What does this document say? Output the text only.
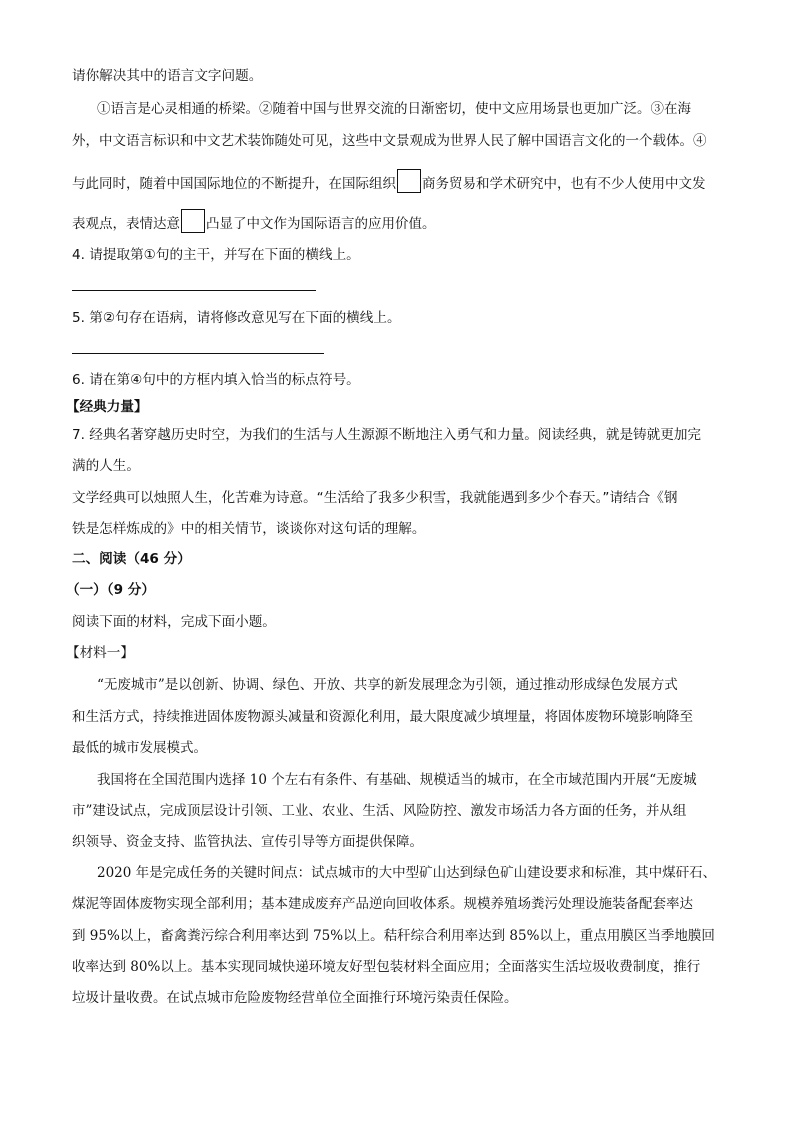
请你解决其中的语言文字问题。
①语言是心灵相通的桥梁。②随着中国与世界交流的日渐密切，使中文应用场景也更加广泛。③在海
外，中文语言标识和中文艺术装饰随处可见，这些中文景观成为世界人民了解中国语言文化的一个载体。④
与此同时，随着中国国际地位的不断提升，在国际组织 商务贸易和学术研究中，也有不少人使用中文发
表观点，表情达意 凸显了中文作为国际语言的应用价值。
4. 请提取第①句的主干，并写在下面的横线上。
5. 第②句存在语病，请将修改意见写在下面的横线上。
6. 请在第④句中的方框内填入恰当的标点符号。
【经典力量】
7. 经典名著穿越历史时空，为我们的生活与人生源源不断地注入勇气和力量。阅读经典，就是铸就更加完
满的人生。
文学经典可以烛照人生，化苦难为诗意。“生活给了我多少积雪，我就能遇到多少个春天。”请结合《钢
铁是怎样炼成的》中的相关情节，谈谈你对这句话的理解。
二、阅读（46 分）
（一）（9 分）
阅读下面的材料，完成下面小题。
【材料一】
“无废城市”是以创新、协调、绿色、开放、共享的新发展理念为引领，通过推动形成绿色发展方式
和生活方式，持续推进固体废物源头减量和资源化利用，最大限度减少填埋量，将固体废物环境影响降至
最低的城市发展模式。
我国将在全国范围内选择 10 个左右有条件、有基础、规模适当的城市，在全市域范围内开展“无废城
市”建设试点，完成顶层设计引领、工业、农业、生活、风险防控、激发市场活力各方面的任务，并从组
织领导、资金支持、监管执法、宣传引导等方面提供保障。
2020 年是完成任务的关键时间点：试点城市的大中型矿山达到绿色矿山建设要求和标准，其中煤矸石、
煤泥等固体废物实现全部利用；基本建成废弃产品逆向回收体系。规模养殖场粪污处理设施装备配套率达
到 95%以上，畜禽粪污综合利用率达到 75%以上。秸秆综合利用率达到 85%以上，重点用膜区当季地膜回
收率达到 80%以上。基本实现同城快递环境友好型包装材料全面应用；全面落实生活垃圾收费制度，推行
垃圾计量收费。在试点城市危险废物经营单位全面推行环境污染责任保险。
